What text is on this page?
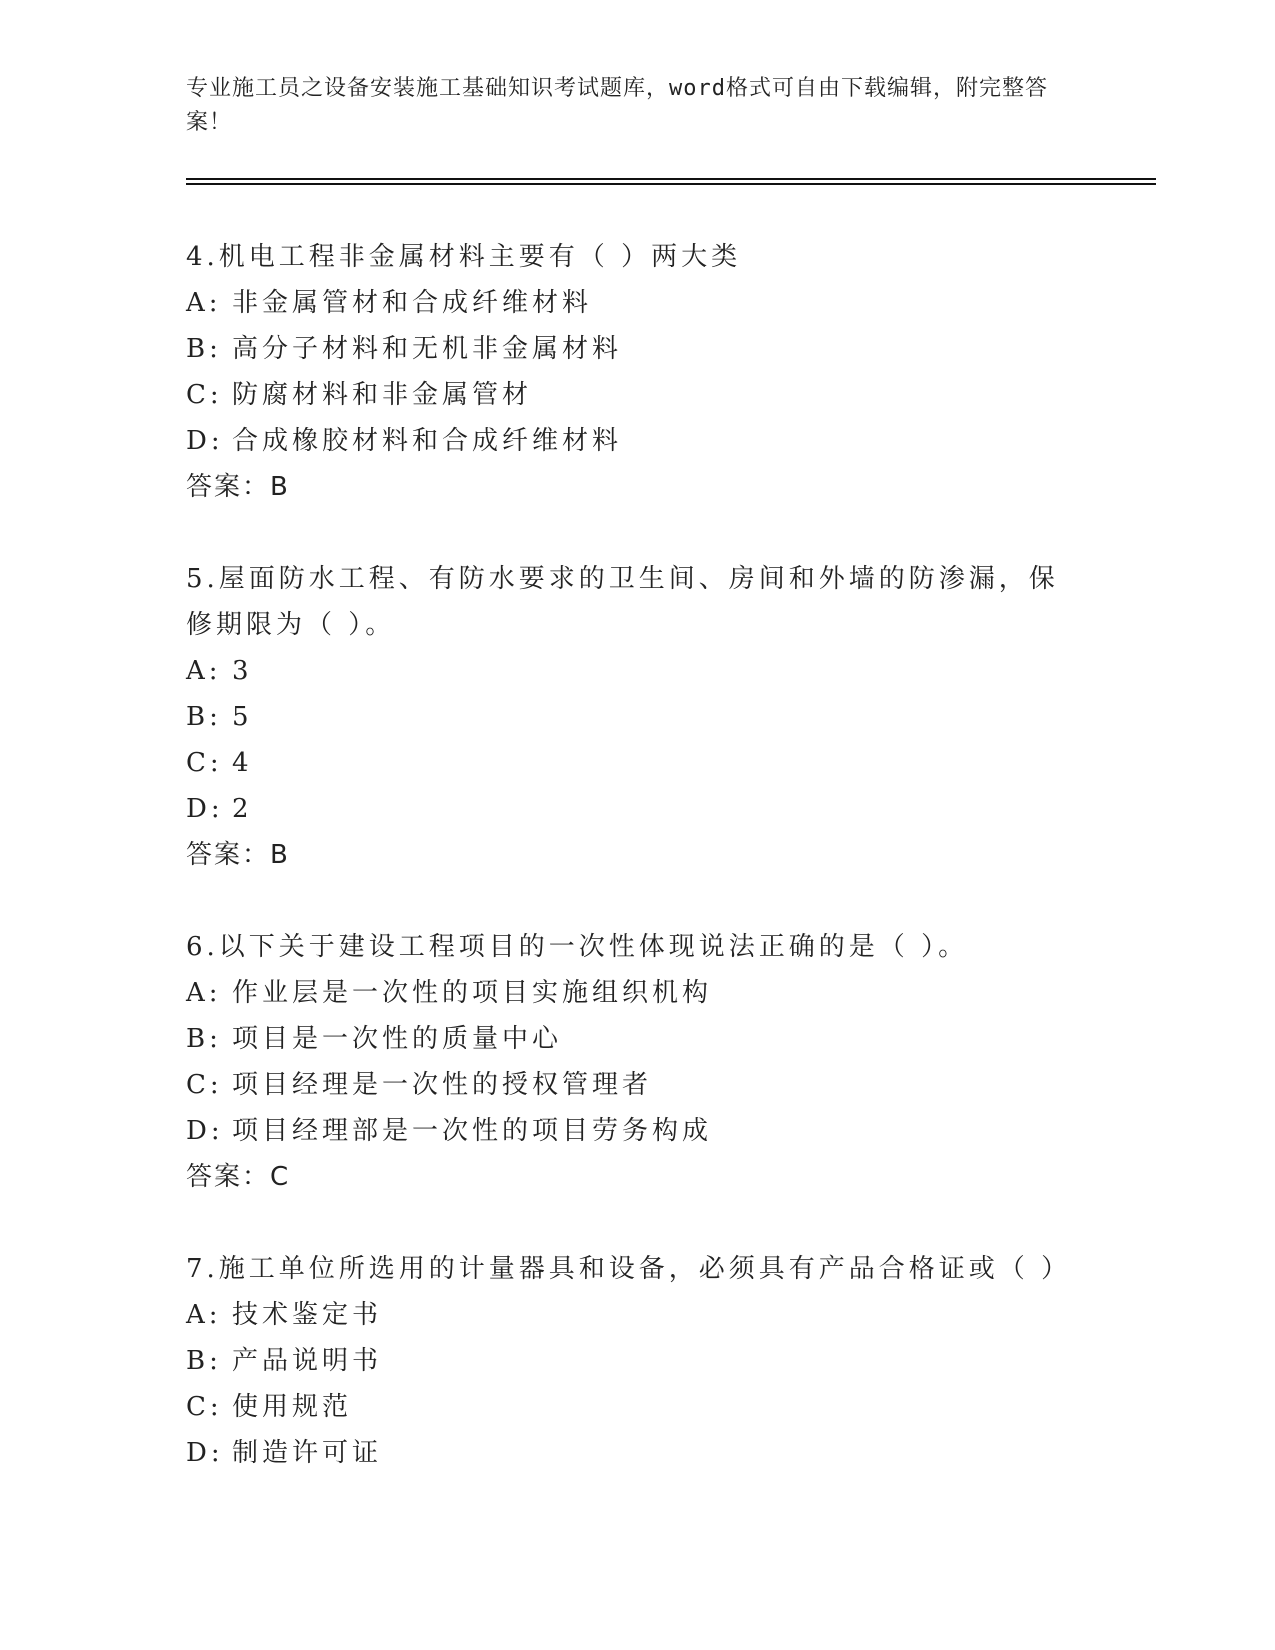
专业施工员之设备安装施工基础知识考试题库，word格式可自由下载编辑，附完整答案！

4.机电工程非金属材料主要有（ ）两大类

A: 非金属管材和合成纤维材料

B: 高分子材料和无机非金属材料

C: 防腐材料和非金属管材

D: 合成橡胶材料和合成纤维材料

答案：B

5.屋面防水工程、有防水要求的卫生间、房间和外墙的防渗漏，保修期限为（ ）。

A: 3

B: 5

C: 4

D: 2

答案：B

6.以下关于建设工程项目的一次性体现说法正确的是（ ）。

A: 作业层是一次性的项目实施组织机构

B: 项目是一次性的质量中心

C: 项目经理是一次性的授权管理者

D: 项目经理部是一次性的项目劳务构成

答案：C

7.施工单位所选用的计量器具和设备，必须具有产品合格证或（ ）

A: 技术鉴定书

B: 产品说明书

C: 使用规范

D: 制造许可证
